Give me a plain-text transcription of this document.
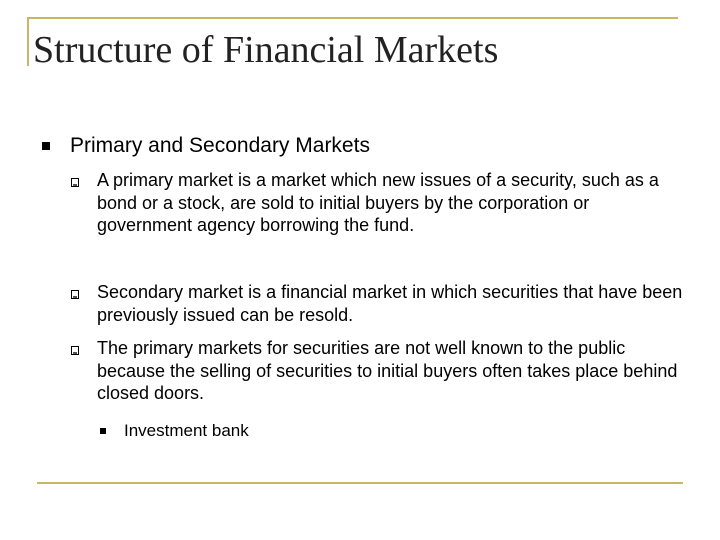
Structure of Financial Markets
Primary and Secondary Markets
A primary market is a market which new issues of a security, such as a bond or a stock, are sold to initial buyers by the corporation or government agency borrowing the fund.
Secondary market is a financial market in which securities that have been previously issued can be resold.
The primary markets for securities are not well known to the public because the selling of securities to initial buyers often takes place behind closed doors.
Investment bank
